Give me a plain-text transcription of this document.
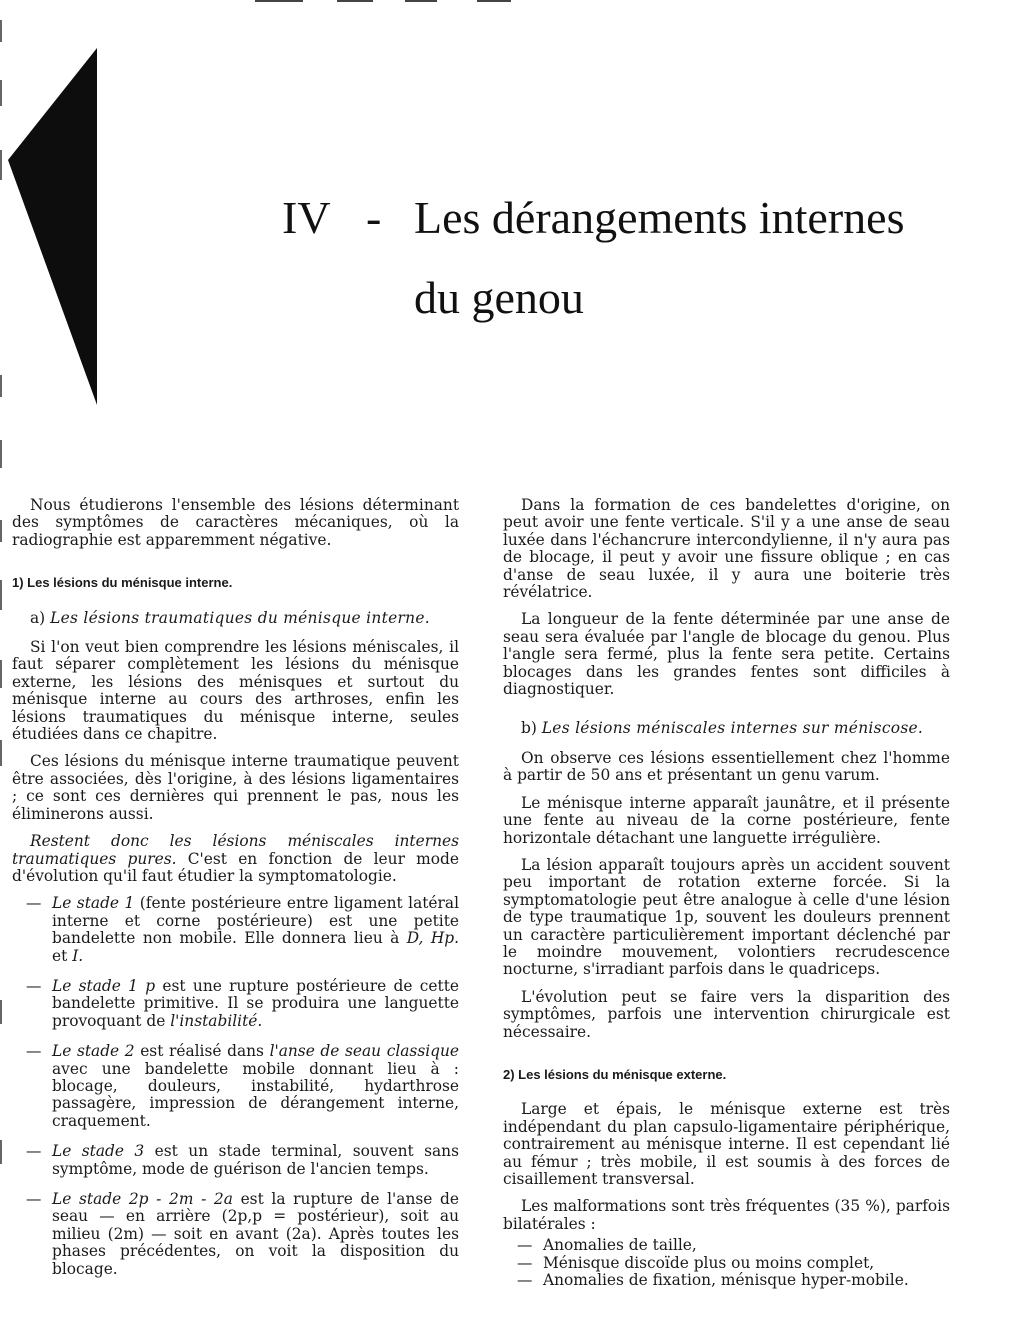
IV - Les dérangements internes
du genou

Nous étudierons l'ensemble des lésions déterminant des symptômes de caractères mécaniques, où la radiographie est apparemment négative.

1) Les lésions du ménisque interne.

a) Les lésions traumatiques du ménisque interne.

Si l'on veut bien comprendre les lésions méniscales, il faut séparer complètement les lésions du ménisque externe, les lésions des ménisques et surtout du ménisque interne au cours des arthroses, enfin les lésions traumatiques du ménisque interne, seules étudiées dans ce chapitre.

Ces lésions du ménisque interne traumatique peuvent être associées, dès l'origine, à des lésions ligamentaires ; ce sont ces dernières qui prennent le pas, nous les éliminerons aussi.

Restent donc les lésions méniscales internes traumatiques pures. C'est en fonction de leur mode d'évolution qu'il faut étudier la symptomatologie.

— Le stade 1 (fente postérieure entre ligament latéral interne et corne postérieure) est une petite bandelette non mobile. Elle donnera lieu à D, Hp. et I.

— Le stade 1 p est une rupture postérieure de cette bandelette primitive. Il se produira une languette provoquant de l'instabilité.

— Le stade 2 est réalisé dans l'anse de seau classique avec une bandelette mobile donnant lieu à : blocage, douleurs, instabilité, hydarthrose passagère, impression de dérangement interne, craquement.

— Le stade 3 est un stade terminal, souvent sans symptôme, mode de guérison de l'ancien temps.

— Le stade 2p - 2m - 2a est la rupture de l'anse de seau — en arrière (2p,p = postérieur), soit au milieu (2m) — soit en avant (2a). Après toutes les phases précédentes, on voit la disposition du blocage.

Dans la formation de ces bandelettes d'origine, on peut avoir une fente verticale. S'il y a une anse de seau luxée dans l'échancrure intercondylienne, il n'y aura pas de blocage, il peut y avoir une fissure oblique ; en cas d'anse de seau luxée, il y aura une boiterie très révélatrice.

La longueur de la fente déterminée par une anse de seau sera évaluée par l'angle de blocage du genou. Plus l'angle sera fermé, plus la fente sera petite. Certains blocages dans les grandes fentes sont difficiles à diagnostiquer.

b) Les lésions méniscales internes sur méniscose.

On observe ces lésions essentiellement chez l'homme à partir de 50 ans et présentant un genu varum.

Le ménisque interne apparaît jaunâtre, et il présente une fente au niveau de la corne postérieure, fente horizontale détachant une languette irrégulière.

La lésion apparaît toujours après un accident souvent peu important de rotation externe forcée. Si la symptomatologie peut être analogue à celle d'une lésion de type traumatique 1p, souvent les douleurs prennent un caractère particulièrement important déclenché par le moindre mouvement, volontiers recrudescence nocturne, s'irradiant parfois dans le quadriceps.

L'évolution peut se faire vers la disparition des symptômes, parfois une intervention chirurgicale est nécessaire.

2) Les lésions du ménisque externe.

Large et épais, le ménisque externe est très indépendant du plan capsulo-ligamentaire périphérique, contrairement au ménisque interne. Il est cependant lié au fémur ; très mobile, il est soumis à des forces de cisaillement transversal.

Les malformations sont très fréquentes (35 %), parfois bilatérales :

— Anomalies de taille,
— Ménisque discoïde plus ou moins complet,
— Anomalies de fixation, ménisque hyper-mobile.
